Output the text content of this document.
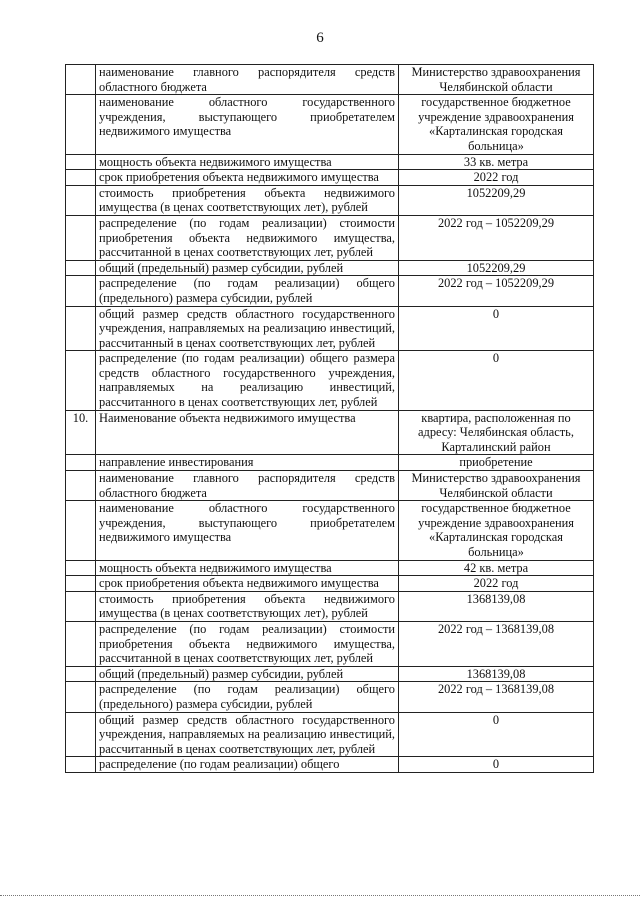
6
	наименование главного распорядителя средств областного бюджета	Министерство здравоохранения Челябинской области
	наименование областного государственного учреждения, выступающего приобретателем недвижимого имущества	государственное бюджетное учреждение здравоохранения «Карталинская городская больница»
	мощность объекта недвижимого имущества	33 кв. метра
	срок приобретения объекта недвижимого имущества	2022 год
	стоимость приобретения объекта недвижимого имущества (в ценах соответствующих лет), рублей	1052209,29
	распределение (по годам реализации) стоимости приобретения объекта недвижимого имущества, рассчитанной в ценах соответствующих лет, рублей	2022 год – 1052209,29
	общий (предельный) размер субсидии, рублей	1052209,29
	распределение (по годам реализации) общего (предельного) размера субсидии, рублей	2022 год – 1052209,29
	общий размер средств областного государственного учреждения, направляемых на реализацию инвестиций, рассчитанный в ценах соответствующих лет, рублей	0
	распределение (по годам реализации) общего размера средств областного государственного учреждения, направляемых на реализацию инвестиций, рассчитанного в ценах соответствующих лет, рублей	0
10.	Наименование объекта недвижимого имущества	квартира, расположенная по адресу: Челябинская область, Карталинский район
	направление инвестирования	приобретение
	наименование главного распорядителя средств областного бюджета	Министерство здравоохранения Челябинской области
	наименование областного государственного учреждения, выступающего приобретателем недвижимого имущества	государственное бюджетное учреждение здравоохранения «Карталинская городская больница»
	мощность объекта недвижимого имущества	42 кв. метра
	срок приобретения объекта недвижимого имущества	2022 год
	стоимость приобретения объекта недвижимого имущества (в ценах соответствующих лет), рублей	1368139,08
	распределение (по годам реализации) стоимости приобретения объекта недвижимого имущества, рассчитанной в ценах соответствующих лет, рублей	2022 год – 1368139,08
	общий (предельный) размер субсидии, рублей	1368139,08
	распределение (по годам реализации) общего (предельного) размера субсидии, рублей	2022 год – 1368139,08
	общий размер средств областного государственного учреждения, направляемых на реализацию инвестиций, рассчитанный в ценах соответствующих лет, рублей	0
	распределение (по годам реализации) общего	0
